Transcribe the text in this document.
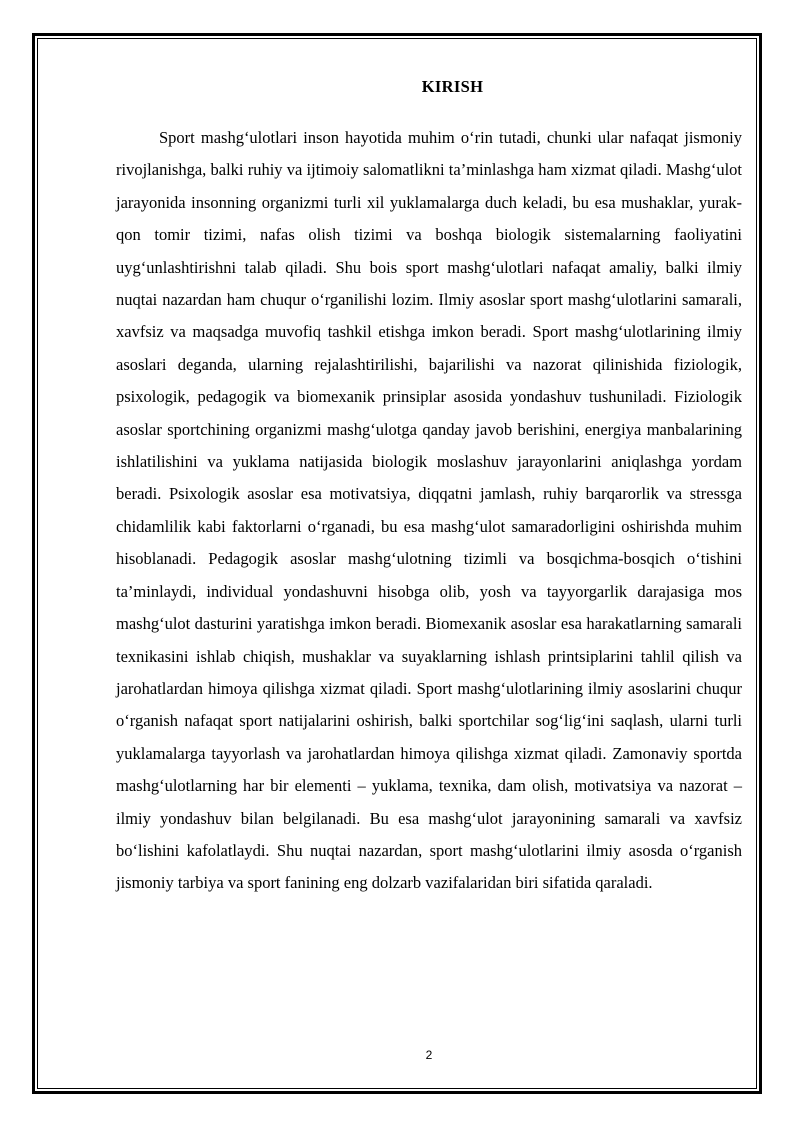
KIRISH

Sport mashg‘ulotlari inson hayotida muhim o‘rin tutadi, chunki ular nafaqat jismoniy rivojlanishga, balki ruhiy va ijtimoiy salomatlikni ta’minlashga ham xizmat qiladi. Mashg‘ulot jarayonida insonning organizmi turli xil yuklamalarga duch keladi, bu esa mushaklar, yurak-qon tomir tizimi, nafas olish tizimi va boshqa biologik sistemalarning faoliyatini uyg‘unlashtirishni talab qiladi. Shu bois sport mashg‘ulotlari nafaqat amaliy, balki ilmiy nuqtai nazardan ham chuqur o‘rganilishi lozim. Ilmiy asoslar sport mashg‘ulotlarini samarali, xavfsiz va maqsadga muvofiq tashkil etishga imkon beradi. Sport mashg‘ulotlarining ilmiy asoslari deganda, ularning rejalashtirilishi, bajarilishi va nazorat qilinishida fiziologik, psixologik, pedagogik va biomexanik prinsiplar asosida yondashuv tushuniladi. Fiziologik asoslar sportchining organizmi mashg‘ulotga qanday javob berishini, energiya manbalarining ishlatilishini va yuklama natijasida biologik moslashuv jarayonlarini aniqlashga yordam beradi. Psixologik asoslar esa motivatsiya, diqqatni jamlash, ruhiy barqarorlik va stressga chidamlilik kabi faktorlarni o‘rganadi, bu esa mashg‘ulot samaradorligini oshirishda muhim hisoblanadi. Pedagogik asoslar mashg‘ulotning tizimli va bosqichma-bosqich o‘tishini ta’minlaydi, individual yondashuvni hisobga olib, yosh va tayyorgarlik darajasiga mos mashg‘ulot dasturini yaratishga imkon beradi. Biomexanik asoslar esa harakatlarning samarali texnikasini ishlab chiqish, mushaklar va suyaklarning ishlash printsiplarini tahlil qilish va jarohatlardan himoya qilishga xizmat qiladi. Sport mashg‘ulotlarining ilmiy asoslarini chuqur o‘rganish nafaqat sport natijalarini oshirish, balki sportchilar sog‘lig‘ini saqlash, ularni turli yuklamalarga tayyorlash va jarohatlardan himoya qilishga xizmat qiladi. Zamonaviy sportda mashg‘ulotlarning har bir elementi – yuklama, texnika, dam olish, motivatsiya va nazorat – ilmiy yondashuv bilan belgilanadi. Bu esa mashg‘ulot jarayonining samarali va xavfsiz bo‘lishini kafolatlaydi. Shu nuqtai nazardan, sport mashg‘ulotlarini ilmiy asosda o‘rganish jismoniy tarbiya va sport fanining eng dolzarb vazifalaridan biri sifatida qaraladi.

2
